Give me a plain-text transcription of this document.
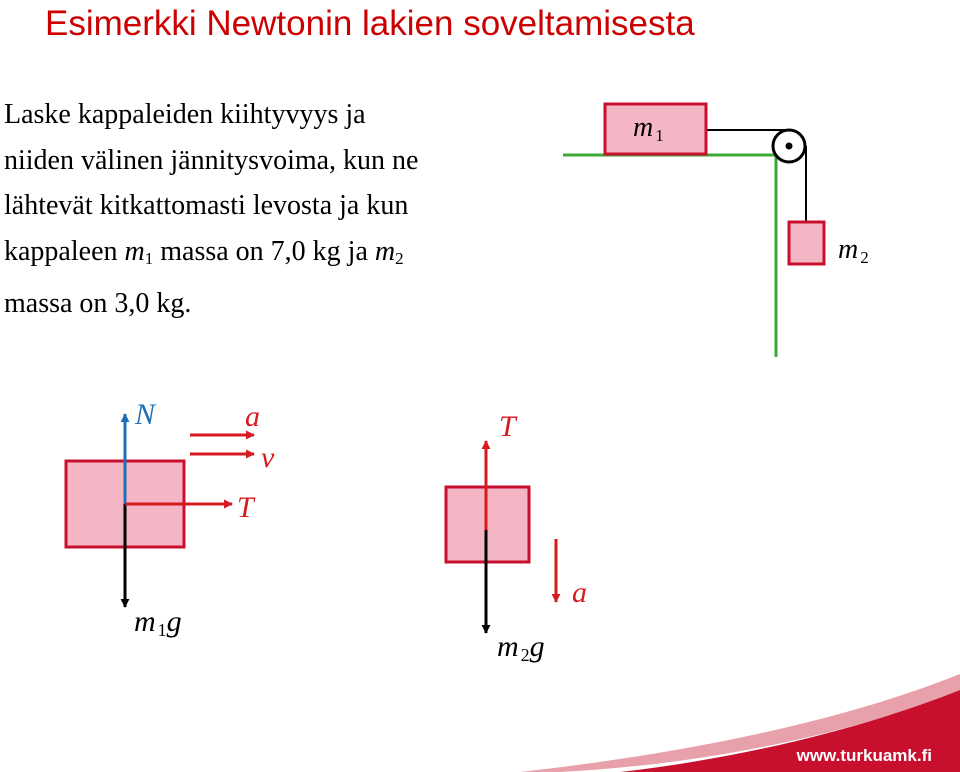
Esimerkki Newtonin lakien soveltamisesta
Laske kappaleiden kiihtyvyys ja
niiden välinen jännitysvoima, kun ne
lähtevät kitkattomasti levosta ja kun
kappaleen $m_1$ massa on 7,0 kg ja $m_2$
massa on 3,0 kg.
m 1
m 2
N	a
v
T
m 1g
T
a
m 2g
www.turkuamk.fi
